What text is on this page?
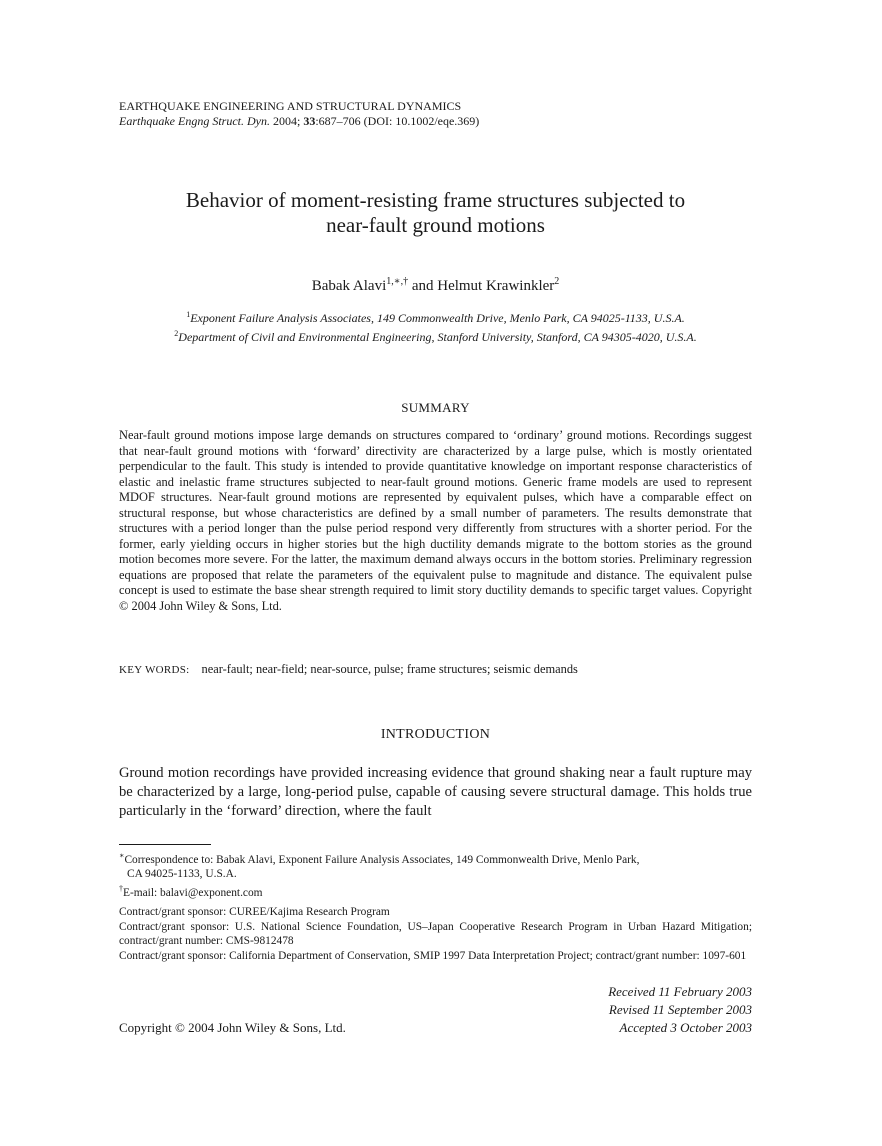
EARTHQUAKE ENGINEERING AND STRUCTURAL DYNAMICS
Earthquake Engng Struct. Dyn. 2004; 33:687–706 (DOI: 10.1002/eqe.369)
Behavior of moment-resisting frame structures subjected to
near-fault ground motions
Babak Alavi$^{1,∗,\dagger}$ and Helmut Krawinkler$^2$
$^1$Exponent Failure Analysis Associates, 149 Commonwealth Drive, Menlo Park, CA 94025-1133, U.S.A.
$^2$Department of Civil and Environmental Engineering, Stanford University, Stanford, CA 94305-4020, U.S.A.
SUMMARY

Near-fault ground motions impose large demands on structures compared to ‘ordinary’ ground motions. Recordings suggest that near-fault ground motions with ‘forward’ directivity are characterized by a large pulse, which is mostly orientated perpendicular to the fault. This study is intended to provide quantitative knowledge on important response characteristics of elastic and inelastic frame structures subjected to near-fault ground motions. Generic frame models are used to represent MDOF structures. Near-fault ground motions are represented by equivalent pulses, which have a comparable effect on structural response, but whose characteristics are defined by a small number of parameters. The results demonstrate that structures with a period longer than the pulse period respond very differently from structures with a shorter period. For the former, early yielding occurs in higher stories but the high ductility demands migrate to the bottom stories as the ground motion becomes more severe. For the latter, the maximum demand always occurs in the bottom stories. Preliminary regression equations are proposed that relate the parameters of the equivalent pulse to magnitude and distance. The equivalent pulse concept is used to estimate the base shear strength required to limit story ductility demands to specific target values. Copyright © 2004 John Wiley & Sons, Ltd.

KEY WORDS: near-fault; near-field; near-source, pulse; frame structures; seismic demands
INTRODUCTION

Ground motion recordings have provided increasing evidence that ground shaking near a fault rupture may be characterized by a large, long-period pulse, capable of causing severe structural damage. This holds true particularly in the ‘forward’ direction, where the fault

∗Correspondence to: Babak Alavi, Exponent Failure Analysis Associates, 149 Commonwealth Drive, Menlo Park,

CA 94025-1133, U.S.A.

†E-mail: balavi@exponent.com

Contract/grant sponsor: CUREE/Kajima Research Program

Contract/grant sponsor: U.S. National Science Foundation, US–Japan Cooperative Research Program in Urban Hazard Mitigation; contract/grant number: CMS-9812478

Contract/grant sponsor: California Department of Conservation, SMIP 1997 Data Interpretation Project; contract/grant number: 1097-601

Received 11 February 2003
Revised 11 September 2003
Accepted 3 October 2003
Copyright © 2004 John Wiley & Sons, Ltd.
